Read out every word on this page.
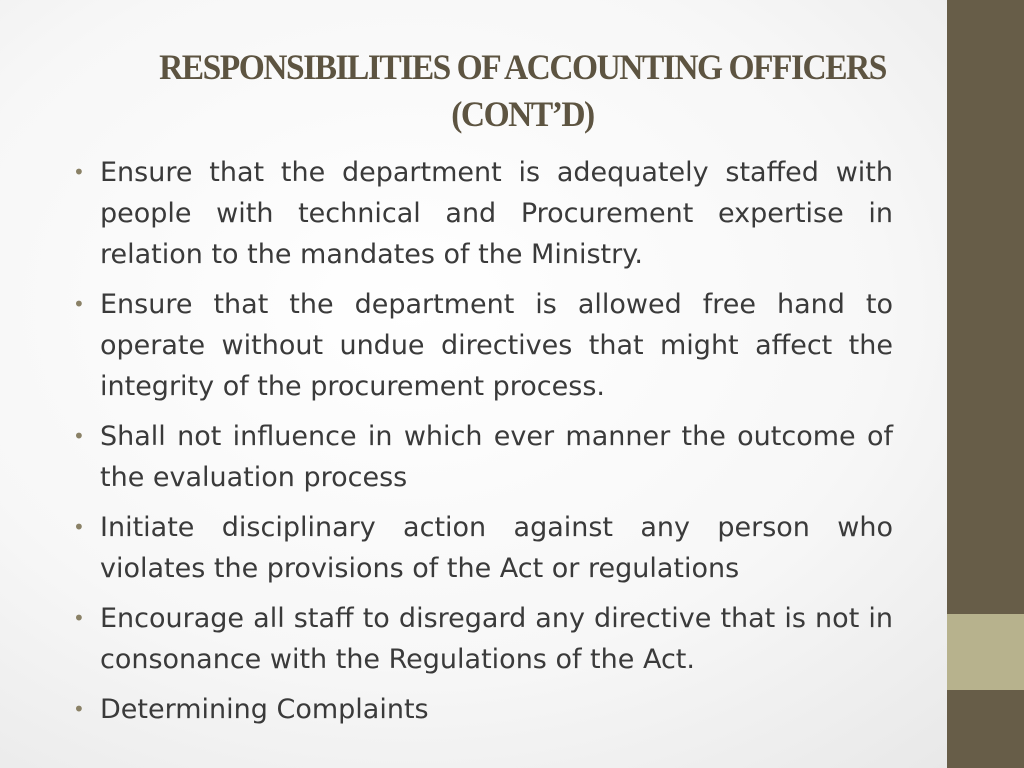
RESPONSIBILITIES OF ACCOUNTING OFFICERS
(CONT’D)
• Ensure that the department is adequately staffed with people with technical and Procurement expertise in relation to the mandates of the Ministry.
• Ensure that the department is allowed free hand to operate without undue directives that might affect the integrity of the procurement process.
• Shall not influence in which ever manner the outcome of the evaluation process
• Initiate disciplinary action against any person who violates the provisions of the Act or regulations
• Encourage all staff to disregard any directive that is not in consonance with the Regulations of the Act.
• Determining Complaints
